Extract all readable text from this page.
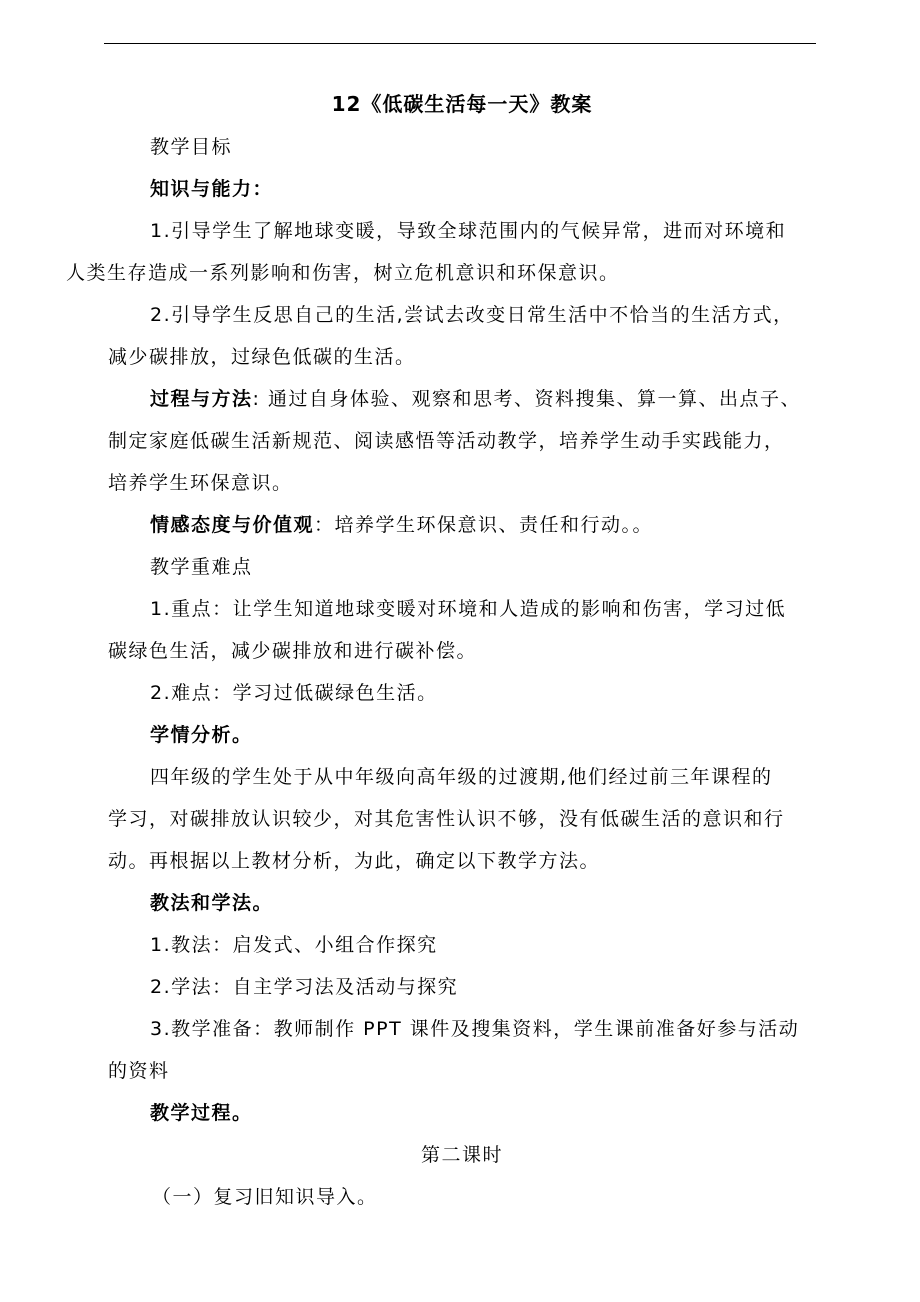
12《低碳生活每一天》教案

教学目标

知识与能力：

1.引导学生了解地球变暖，导致全球范围内的气候异常，进而对环境和
人类生存造成一系列影响和伤害，树立危机意识和环保意识。

2.引导学生反思自己的生活,尝试去改变日常生活中不恰当的生活方式，
减少碳排放，过绿色低碳的生活。

过程与方法: 通过自身体验、观察和思考、资料搜集、算一算、出点子、
制定家庭低碳生活新规范、阅读感悟等活动教学，培养学生动手实践能力，
培养学生环保意识。

情感态度与价值观：培养学生环保意识、责任和行动。。

教学重难点

1.重点：让学生知道地球变暖对环境和人造成的影响和伤害，学习过低
碳绿色生活，减少碳排放和进行碳补偿。

2.难点：学习过低碳绿色生活。

学情分析。

四年级的学生处于从中年级向高年级的过渡期,他们经过前三年课程的
学习，对碳排放认识较少，对其危害性认识不够，没有低碳生活的意识和行
动。再根据以上教材分析，为此，确定以下教学方法。

教法和学法。

1.教法：启发式、小组合作探究

2.学法：自主学习法及活动与探究

3.教学准备：教师制作 PPT 课件及搜集资料，学生课前准备好参与活动
的资料

教学过程。

第二课时

（一）复习旧知识导入。
